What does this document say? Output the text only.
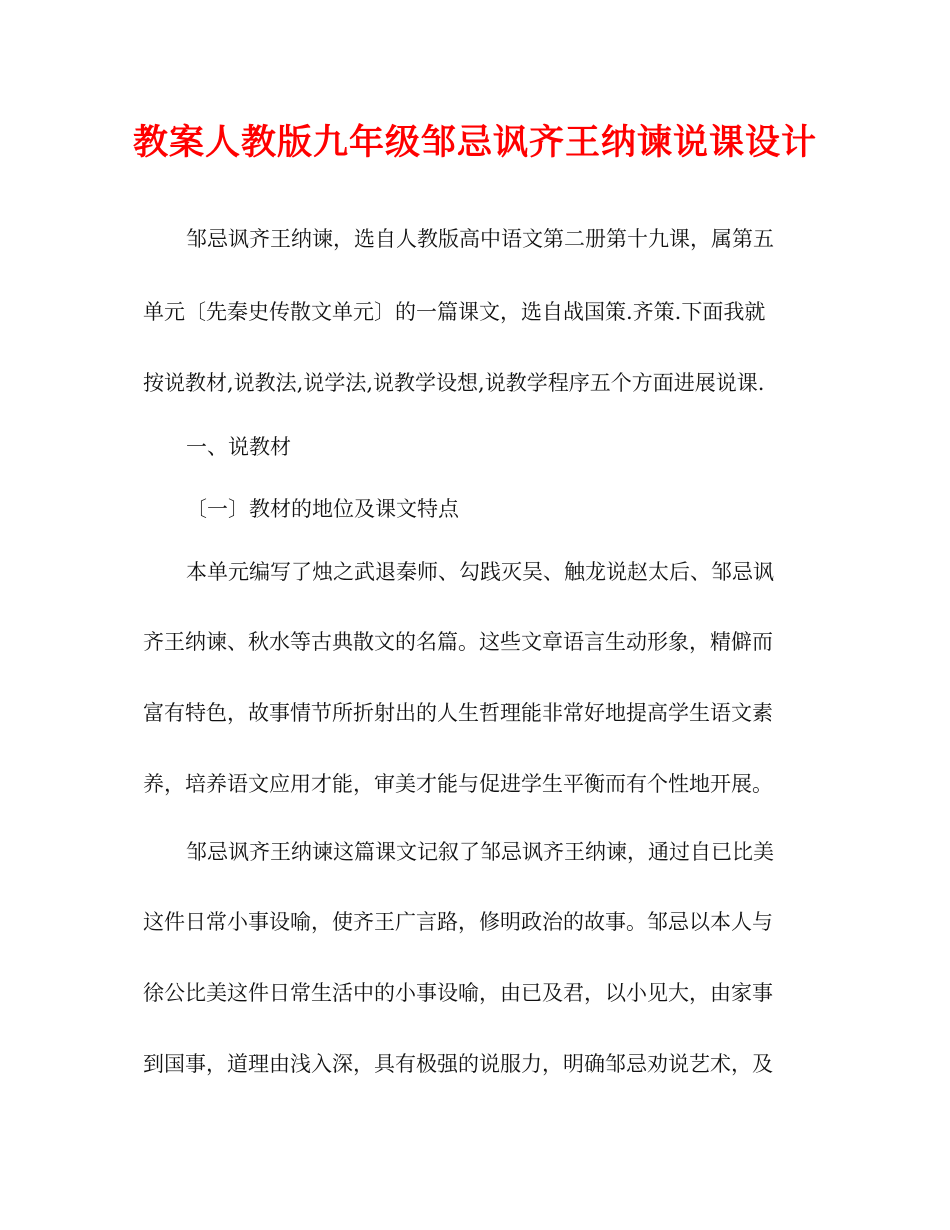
教案人教版九年级邹忌讽齐王纳谏说课设计

邹忌讽齐王纳谏，选自人教版高中语文第二册第十九课，属第五

单元〔先秦史传散文单元〕的一篇课文，选自战国策.齐策.下面我就

按说教材,说教法,说学法,说教学设想,说教学程序五个方面进展说课.

一、说教材

〔一〕教材的地位及课文特点

本单元编写了烛之武退秦师、勾践灭吴、触龙说赵太后、邹忌讽

齐王纳谏、秋水等古典散文的名篇。这些文章语言生动形象，精僻而

富有特色，故事情节所折射出的人生哲理能非常好地提高学生语文素

养，培养语文应用才能，审美才能与促进学生平衡而有个性地开展。

邹忌讽齐王纳谏这篇课文记叙了邹忌讽齐王纳谏，通过自已比美

这件日常小事设喻，使齐王广言路，修明政治的故事。邹忌以本人与

徐公比美这件日常生活中的小事设喻，由已及君，以小见大，由家事

到国事，道理由浅入深，具有极强的说服力，明确邹忌劝说艺术，及
